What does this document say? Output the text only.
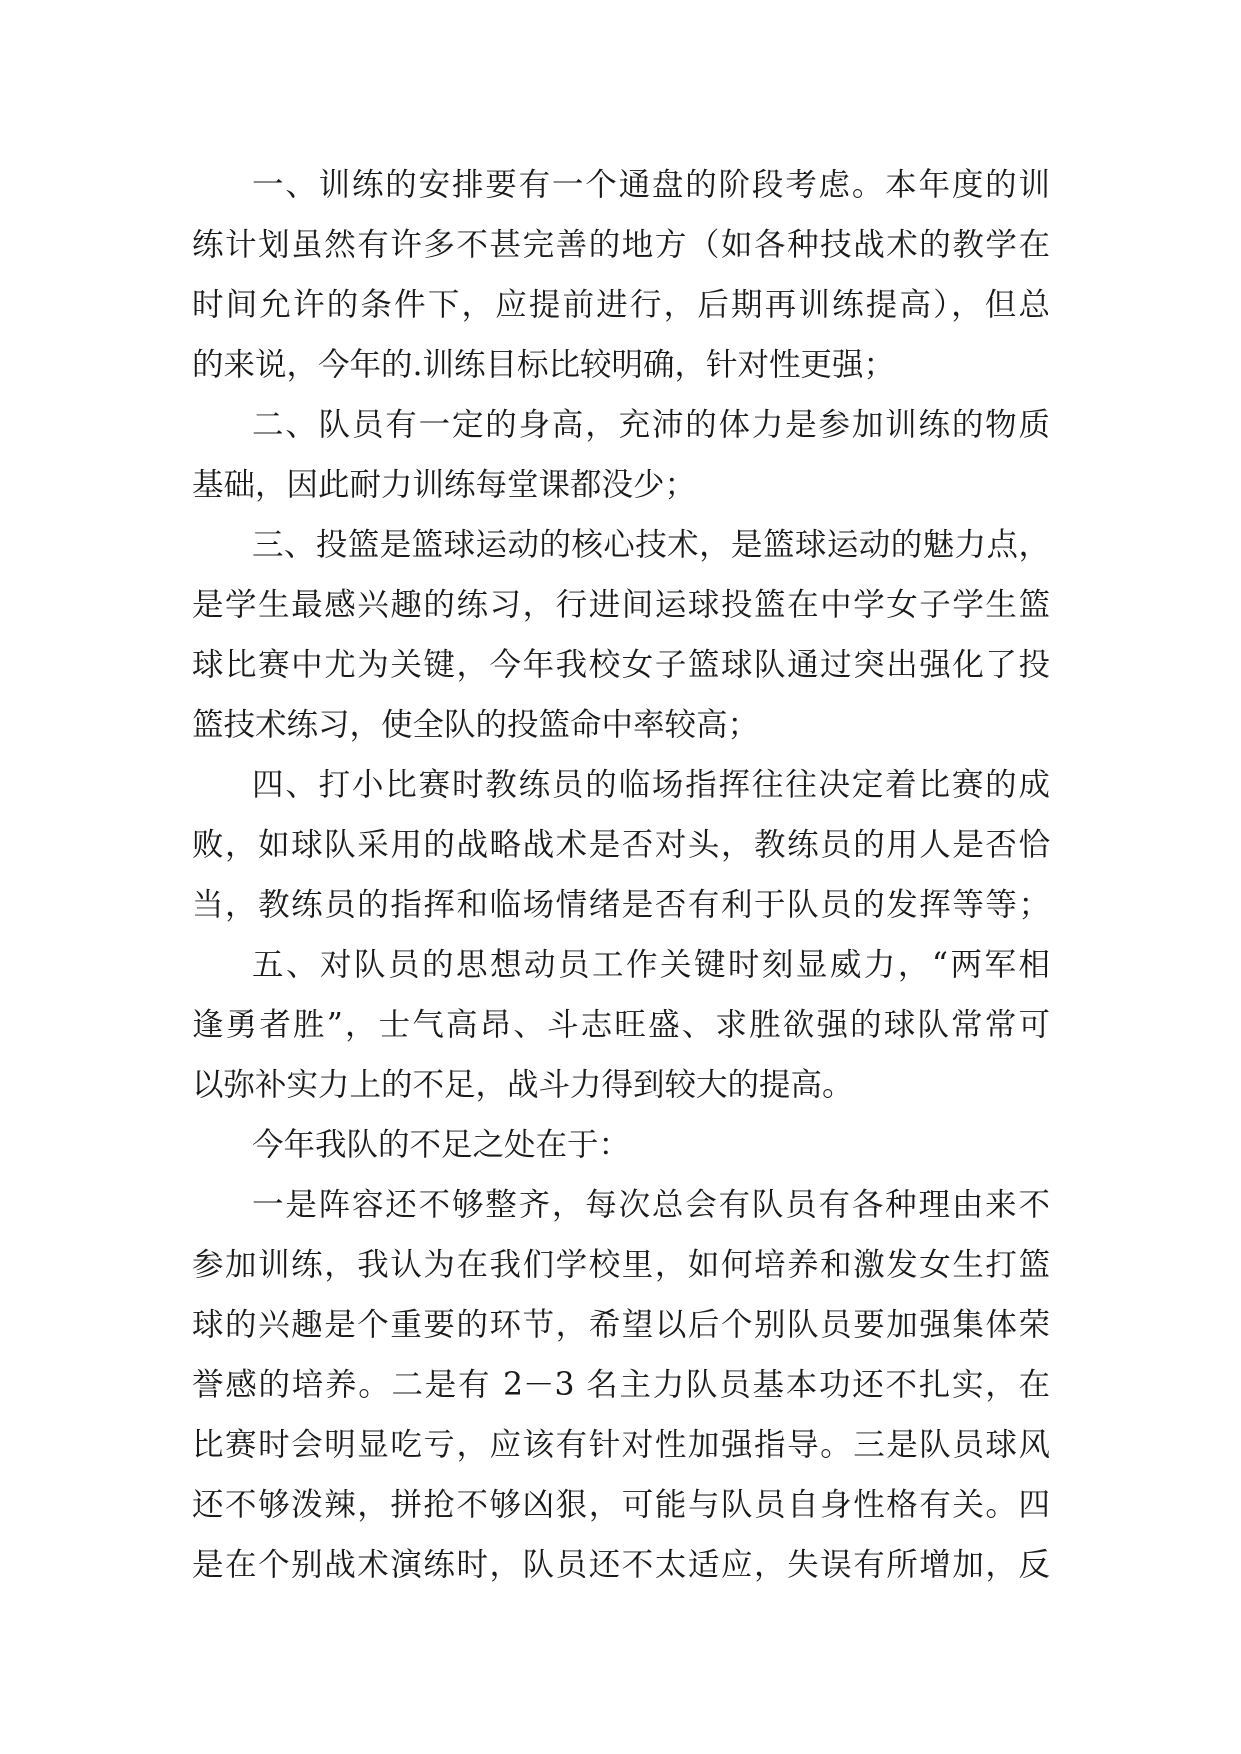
一、训练的安排要有一个通盘的阶段考虑。本年度的训
练计划虽然有许多不甚完善的地方（如各种技战术的教学在
时间允许的条件下，应提前进行，后期再训练提高），但总
的来说，今年的.训练目标比较明确，针对性更强；
二、队员有一定的身高，充沛的体力是参加训练的物质
基础，因此耐力训练每堂课都没少；
三、投篮是篮球运动的核心技术，是篮球运动的魅力点，
是学生最感兴趣的练习，行进间运球投篮在中学女子学生篮
球比赛中尤为关键，今年我校女子篮球队通过突出强化了投
篮技术练习，使全队的投篮命中率较高；
四、打小比赛时教练员的临场指挥往往决定着比赛的成
败，如球队采用的战略战术是否对头，教练员的用人是否恰
当，教练员的指挥和临场情绪是否有利于队员的发挥等等；
五、对队员的思想动员工作关键时刻显威力，“两军相
逢勇者胜”，士气高昂、斗志旺盛、求胜欲强的球队常常可
以弥补实力上的不足，战斗力得到较大的提高。
今年我队的不足之处在于：
一是阵容还不够整齐，每次总会有队员有各种理由来不
参加训练，我认为在我们学校里，如何培养和激发女生打篮
球的兴趣是个重要的环节，希望以后个别队员要加强集体荣
誉感的培养。二是有 2－3 名主力队员基本功还不扎实，在
比赛时会明显吃亏，应该有针对性加强指导。三是队员球风
还不够泼辣，拼抢不够凶狠，可能与队员自身性格有关。四
是在个别战术演练时，队员还不太适应，失误有所增加，反
